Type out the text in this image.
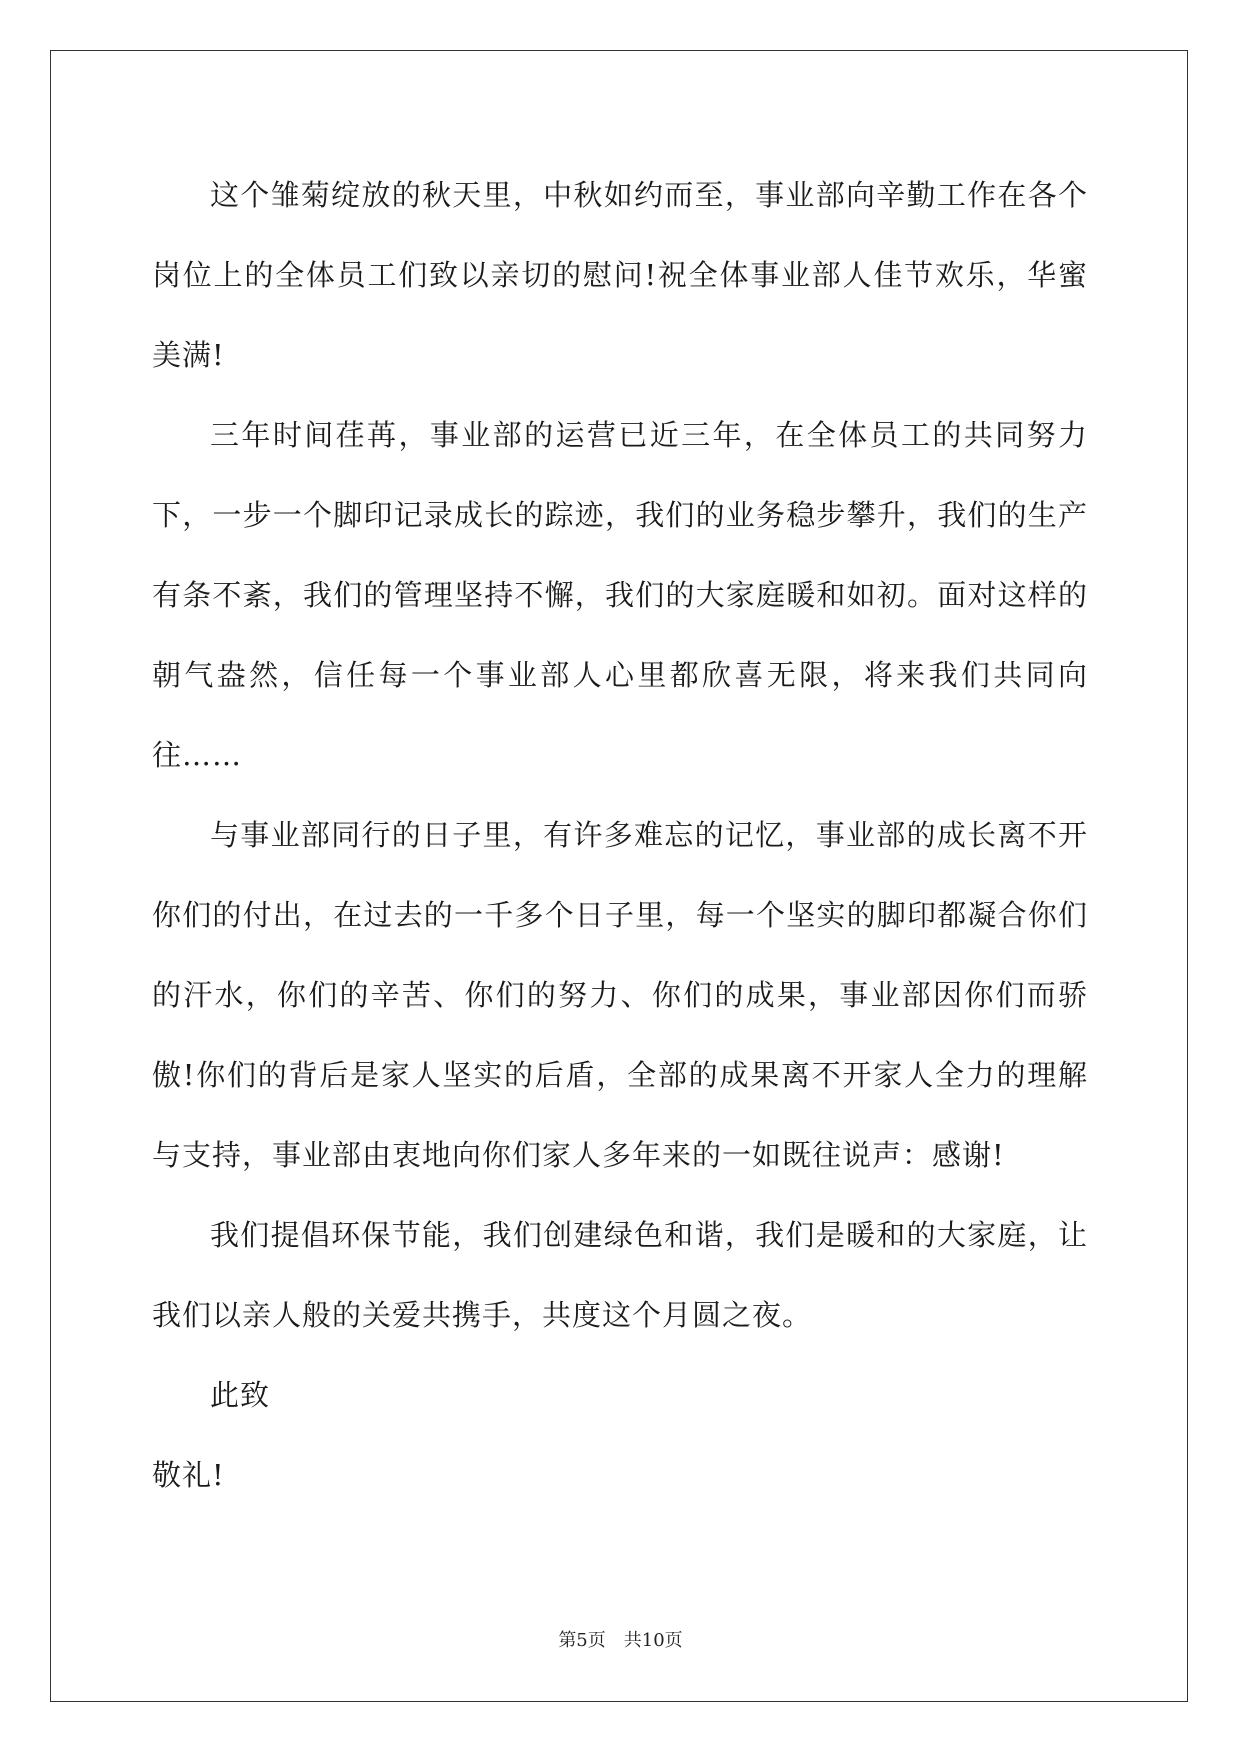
这个雏菊绽放的秋天里，中秋如约而至，事业部向辛勤工作在各个岗位上的全体员工们致以亲切的慰问!祝全体事业部人佳节欢乐，华蜜美满!

三年时间荏苒，事业部的运营已近三年，在全体员工的共同努力下，一步一个脚印记录成长的踪迹，我们的业务稳步攀升，我们的生产有条不紊，我们的管理坚持不懈，我们的大家庭暖和如初。面对这样的朝气盎然，信任每一个事业部人心里都欣喜无限，将来我们共同向往……

与事业部同行的日子里，有许多难忘的记忆，事业部的成长离不开你们的付出，在过去的一千多个日子里，每一个坚实的脚印都凝合你们的汗水，你们的辛苦、你们的努力、你们的成果，事业部因你们而骄傲!你们的背后是家人坚实的后盾，全部的成果离不开家人全力的理解与支持，事业部由衷地向你们家人多年来的一如既往说声：感谢!

我们提倡环保节能，我们创建绿色和谐，我们是暖和的大家庭，让我们以亲人般的关爱共携手，共度这个月圆之夜。

此致

敬礼!

第5页 共10页
